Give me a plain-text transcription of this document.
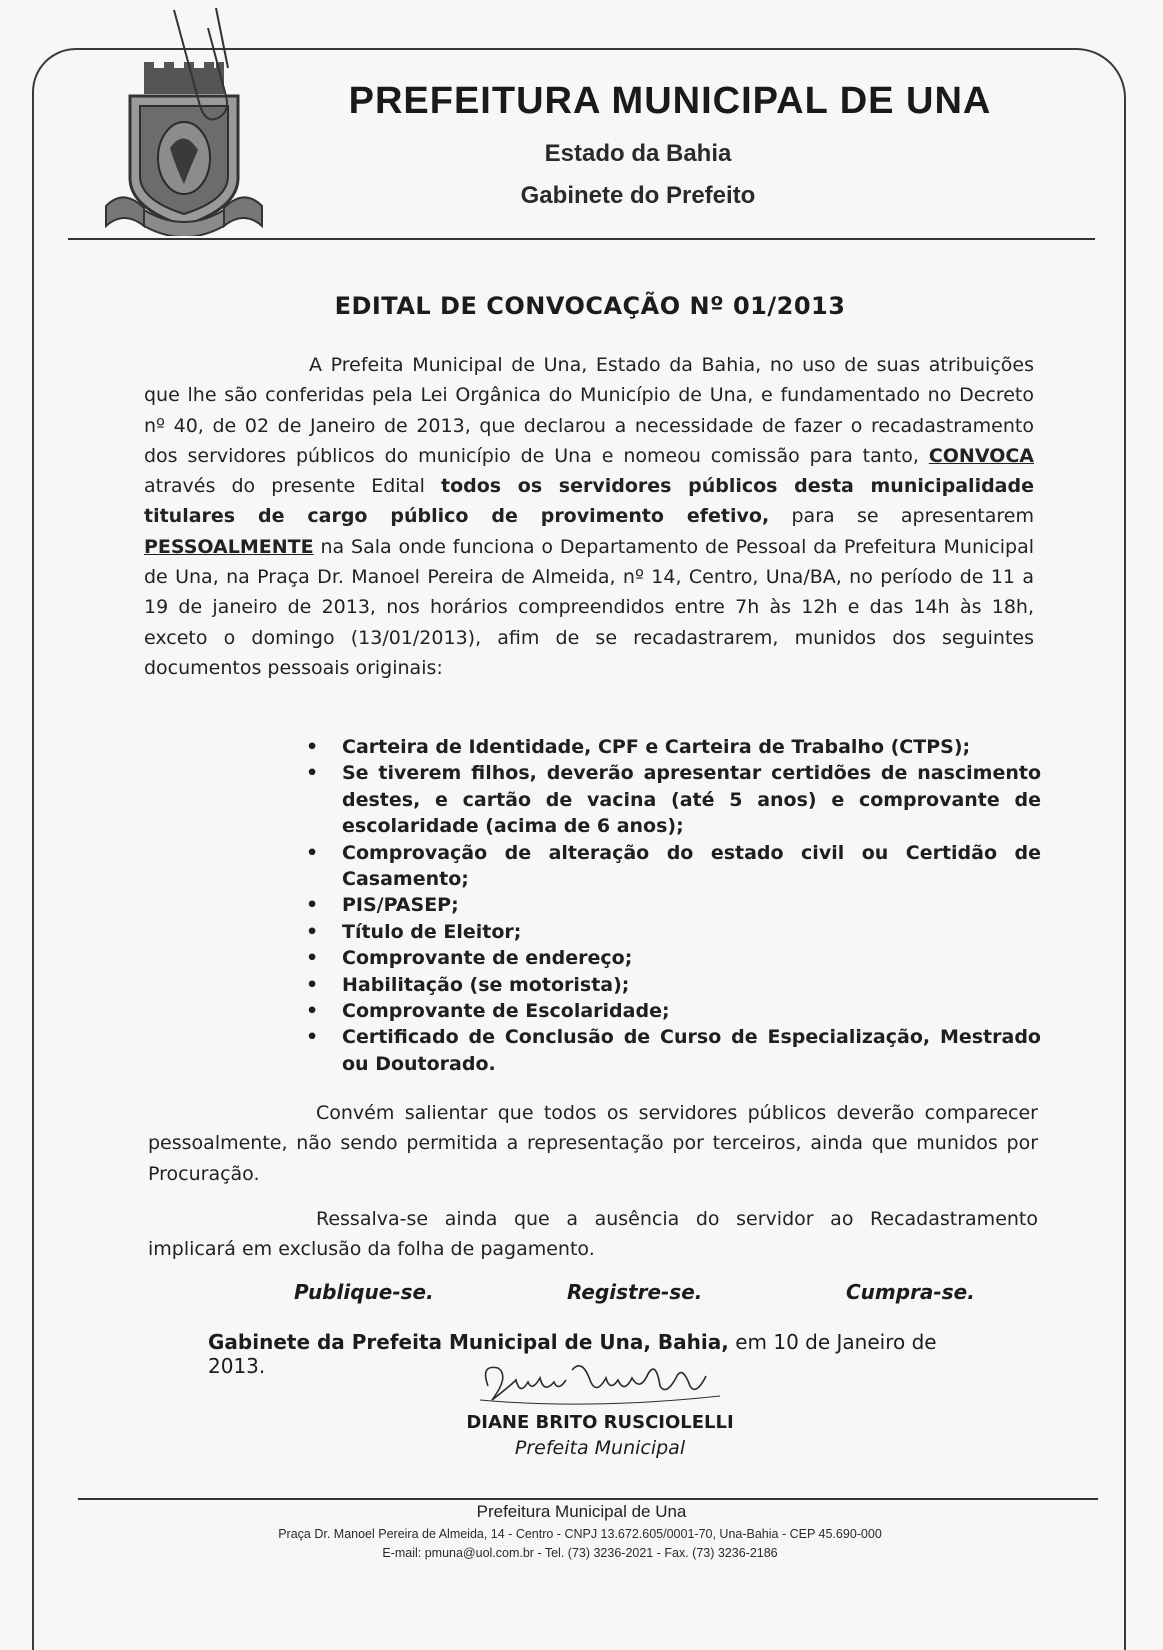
PREFEITURA MUNICIPAL DE UNA
Estado da Bahia
Gabinete do Prefeito
EDITAL DE CONVOCAÇÃO Nº 01/2013
A Prefeita Municipal de Una, Estado da Bahia, no uso de suas atribuições que lhe são conferidas pela Lei Orgânica do Município de Una, e fundamentado no Decreto nº 40, de 02 de Janeiro de 2013, que declarou a necessidade de fazer o recadastramento dos servidores públicos do município de Una e nomeou comissão para tanto, CONVOCA através do presente Edital todos os servidores públicos desta municipalidade titulares de cargo público de provimento efetivo, para se apresentarem PESSOALMENTE na Sala onde funciona o Departamento de Pessoal da Prefeitura Municipal de Una, na Praça Dr. Manoel Pereira de Almeida, nº 14, Centro, Una/BA, no período de 11 a 19 de janeiro de 2013, nos horários compreendidos entre 7h às 12h e das 14h às 18h, exceto o domingo (13/01/2013), afim de se recadastrarem, munidos dos seguintes documentos pessoais originais:
• Carteira de Identidade, CPF e Carteira de Trabalho (CTPS);
• Se tiverem filhos, deverão apresentar certidões de nascimento destes, e cartão de vacina (até 5 anos) e comprovante de escolaridade (acima de 6 anos);
• Comprovação de alteração do estado civil ou Certidão de Casamento;
• PIS/PASEP;
• Título de Eleitor;
• Comprovante de endereço;
• Habilitação (se motorista);
• Comprovante de Escolaridade;
• Certificado de Conclusão de Curso de Especialização, Mestrado ou Doutorado.
Convém salientar que todos os servidores públicos deverão comparecer pessoalmente, não sendo permitida a representação por terceiros, ainda que munidos por Procuração.
Ressalva-se ainda que a ausência do servidor ao Recadastramento implicará em exclusão da folha de pagamento.
Publique-se.	Registre-se.	Cumpra-se.
Gabinete da Prefeita Municipal de Una, Bahia, em 10 de Janeiro de 2013.
DIANE BRITO RUSCIOLELLI
Prefeita Municipal
Prefeitura Municipal de Una
Praça Dr. Manoel Pereira de Almeida, 14 - Centro - CNPJ 13.672.605/0001-70, Una-Bahia - CEP 45.690-000
E-mail: pmuna@uol.com.br - Tel. (73) 3236-2021 - Fax. (73) 3236-2186
